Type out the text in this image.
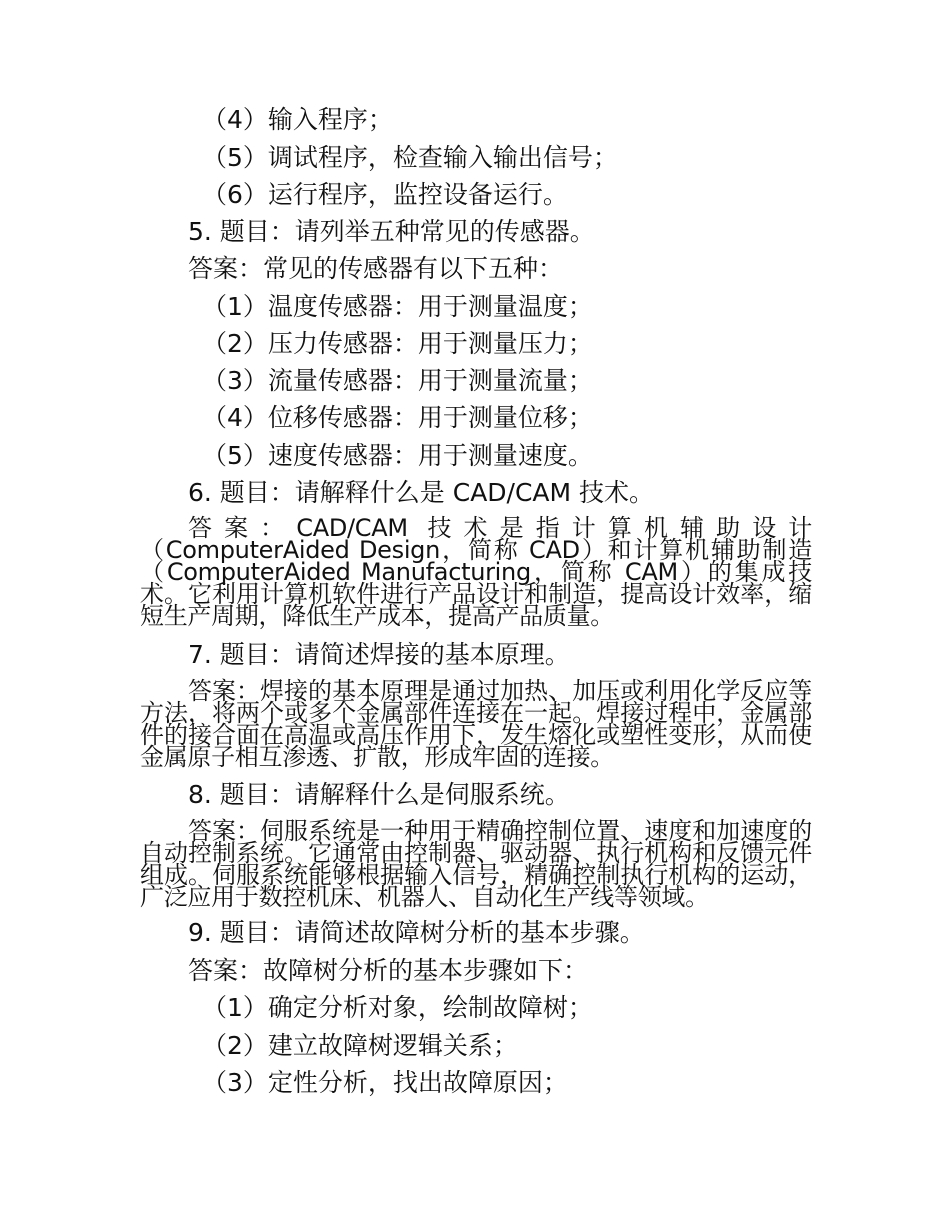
（4）输入程序；

（5）调试程序，检查输入输出信号；

（6）运行程序，监控设备运行。

5. 题目：请列举五种常见的传感器。

答案：常见的传感器有以下五种：

（1）温度传感器：用于测量温度；

（2）压力传感器：用于测量压力；

（3）流量传感器：用于测量流量；

（4）位移传感器：用于测量位移；

（5）速度传感器：用于测量速度。

6. 题目：请解释什么是 CAD/CAM 技术。

答案：CAD/CAM 技术是指计算机辅助设计（ComputerAided Design，简称 CAD）和计算机辅助制造（ComputerAided Manufacturing，简称 CAM）的集成技术。它利用计算机软件进行产品设计和制造，提高设计效率，缩短生产周期，降低生产成本，提高产品质量。

7. 题目：请简述焊接的基本原理。

答案：焊接的基本原理是通过加热、加压或利用化学反应等方法，将两个或多个金属部件连接在一起。焊接过程中，金属部件的接合面在高温或高压作用下，发生熔化或塑性变形，从而使金属原子相互渗透、扩散，形成牢固的连接。

8. 题目：请解释什么是伺服系统。

答案：伺服系统是一种用于精确控制位置、速度和加速度的自动控制系统。它通常由控制器、驱动器、执行机构和反馈元件组成。伺服系统能够根据输入信号，精确控制执行机构的运动，广泛应用于数控机床、机器人、自动化生产线等领域。

9. 题目：请简述故障树分析的基本步骤。

答案：故障树分析的基本步骤如下：

（1）确定分析对象，绘制故障树；

（2）建立故障树逻辑关系；

（3）定性分析，找出故障原因；
